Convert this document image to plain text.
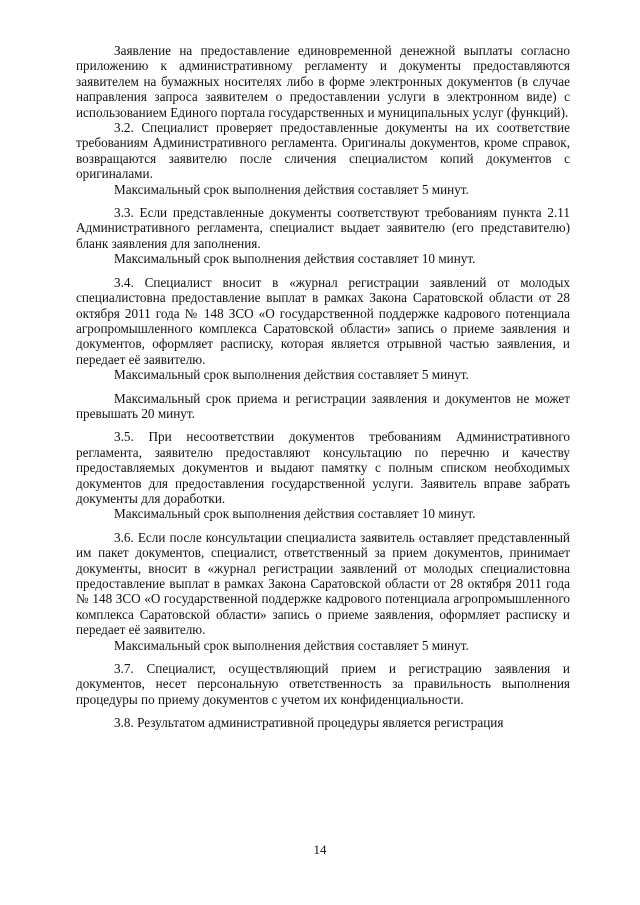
Заявление на предоставление единовременной денежной выплаты согласно приложению к административному регламенту и документы предоставляются заявителем на бумажных носителях либо в форме электронных документов (в случае направления запроса заявителем о предоставлении услуги в электронном виде) с использованием Единого портала государственных и муниципальных услуг (функций).

3.2. Специалист проверяет предоставленные документы на их соответствие требованиям Административного регламента. Оригиналы документов, кроме справок, возвращаются заявителю после сличения специалистом копий документов с оригиналами.

Максимальный срок выполнения действия составляет 5 минут.

3.3. Если представленные документы соответствуют требованиям пункта 2.11 Административного регламента, специалист выдает заявителю (его представителю) бланк заявления для заполнения.

Максимальный срок выполнения действия составляет 10 минут.

3.4. Специалист вносит в «журнал регистрации заявлений от молодых специалистовна предоставление выплат в рамках Закона Саратовской области от 28 октября 2011 года № 148 ЗСО «О государственной поддержке кадрового потенциала агропромышленного комплекса Саратовской области» запись о приеме заявления и документов, оформляет расписку, которая является отрывной частью заявления, и передает её заявителю.

Максимальный срок выполнения действия составляет 5 минут.

Максимальный срок приема и регистрации заявления и документов не может превышать 20 минут.

3.5. При несоответствии документов требованиям Административного регламента, заявителю предоставляют консультацию по перечню и качеству предоставляемых документов и выдают памятку с полным списком необходимых документов для предоставления государственной услуги. Заявитель вправе забрать документы для доработки.

Максимальный срок выполнения действия составляет 10 минут.

3.6. Если после консультации специалиста заявитель оставляет представленный им пакет документов, специалист, ответственный за прием документов, принимает документы, вносит в «журнал регистрации заявлений от молодых специалистовна предоставление выплат в рамках Закона Саратовской области от 28 октября 2011 года № 148 ЗСО «О государственной поддержке кадрового потенциала агропромышленного комплекса Саратовской области» запись о приеме заявления, оформляет расписку и передает её заявителю.

Максимальный срок выполнения действия составляет 5 минут.

3.7. Специалист, осуществляющий прием и регистрацию заявления и документов, несет персональную ответственность за правильность выполнения процедуры по приему документов с учетом их конфиденциальности.

3.8. Результатом административной процедуры является регистрация

14
